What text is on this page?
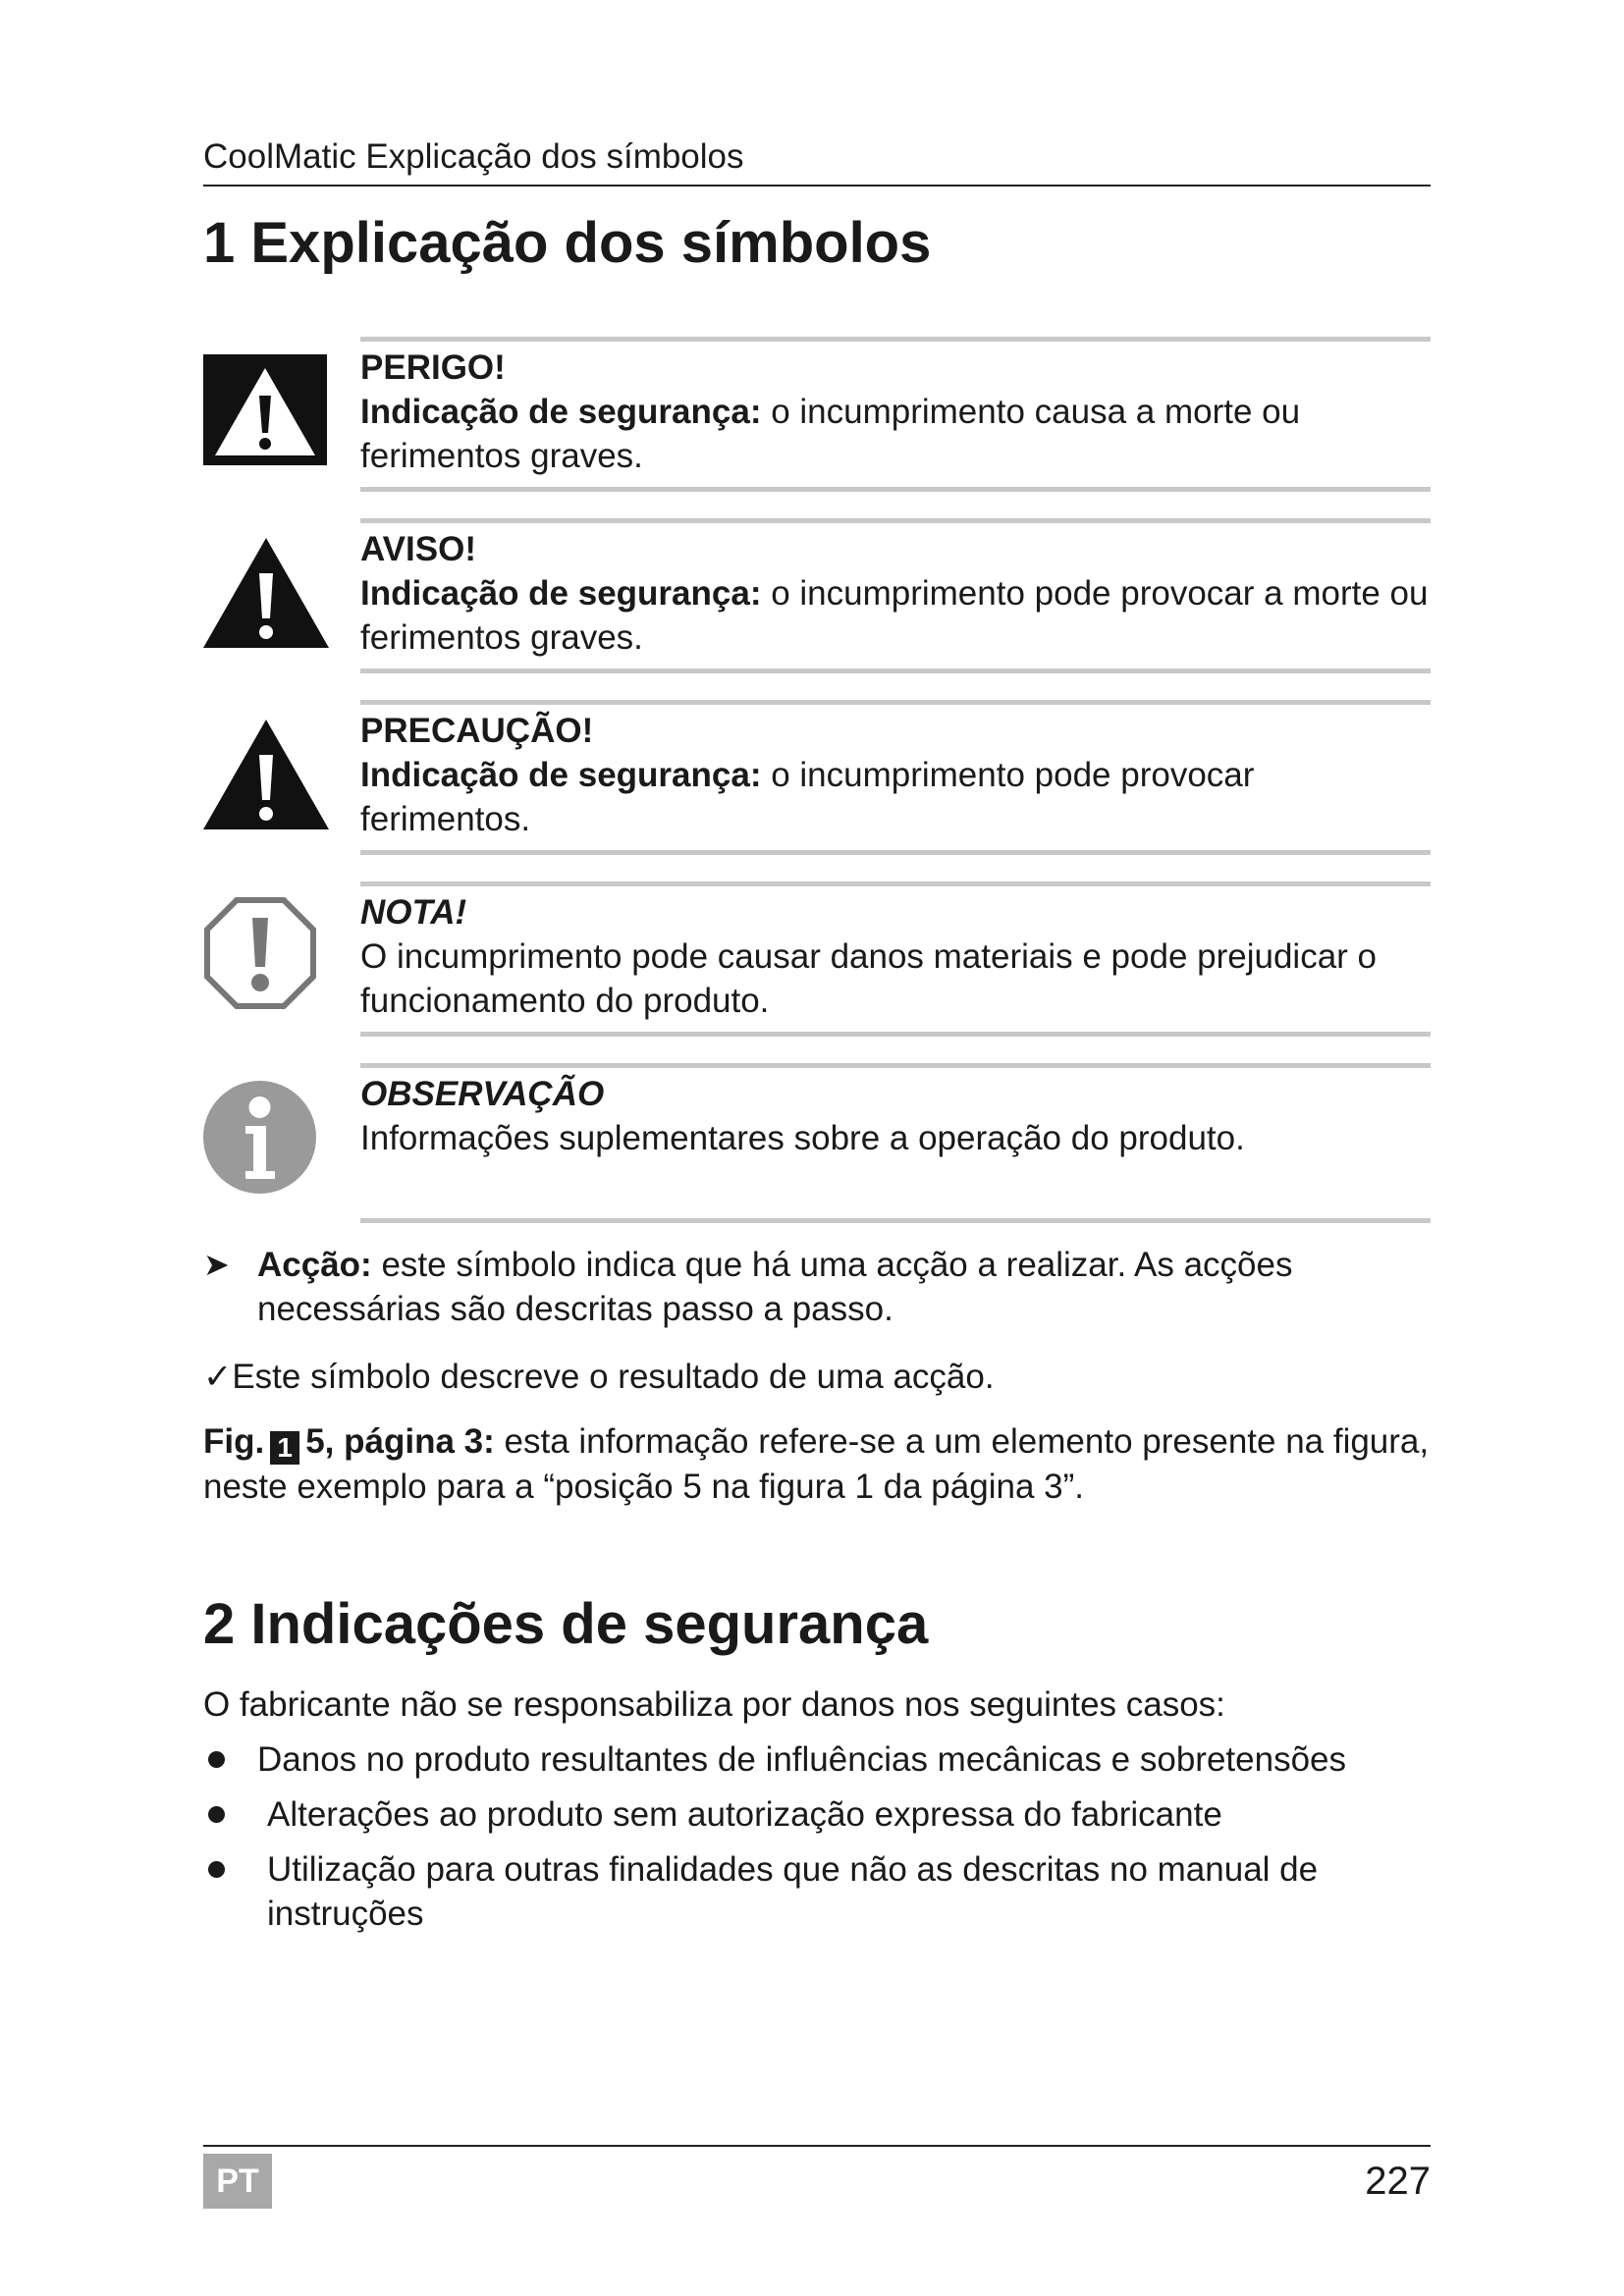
CoolMatic Explicação dos símbolos
1 Explicação dos símbolos
PERIGO!
Indicação de segurança: o incumprimento causa a morte ou ferimentos graves.
AVISO!
Indicação de segurança: o incumprimento pode provocar a morte ou ferimentos graves.
PRECAUÇÃO!
Indicação de segurança: o incumprimento pode provocar ferimentos.
NOTA!
O incumprimento pode causar danos materiais e pode prejudicar o funcionamento do produto.
OBSERVAÇÃO
Informações suplementares sobre a operação do produto.
➤ Acção: este símbolo indica que há uma acção a realizar. As acções necessárias são descritas passo a passo.
✓Este símbolo descreve o resultado de uma acção.
Fig. 1 5, página 3: esta informação refere-se a um elemento presente na figura, neste exemplo para a “posição 5 na figura 1 da página 3”.
2 Indicações de segurança
O fabricante não se responsabiliza por danos nos seguintes casos:
Danos no produto resultantes de influências mecânicas e sobretensões
Alterações ao produto sem autorização expressa do fabricante
Utilização para outras finalidades que não as descritas no manual de instruções
PT	227
